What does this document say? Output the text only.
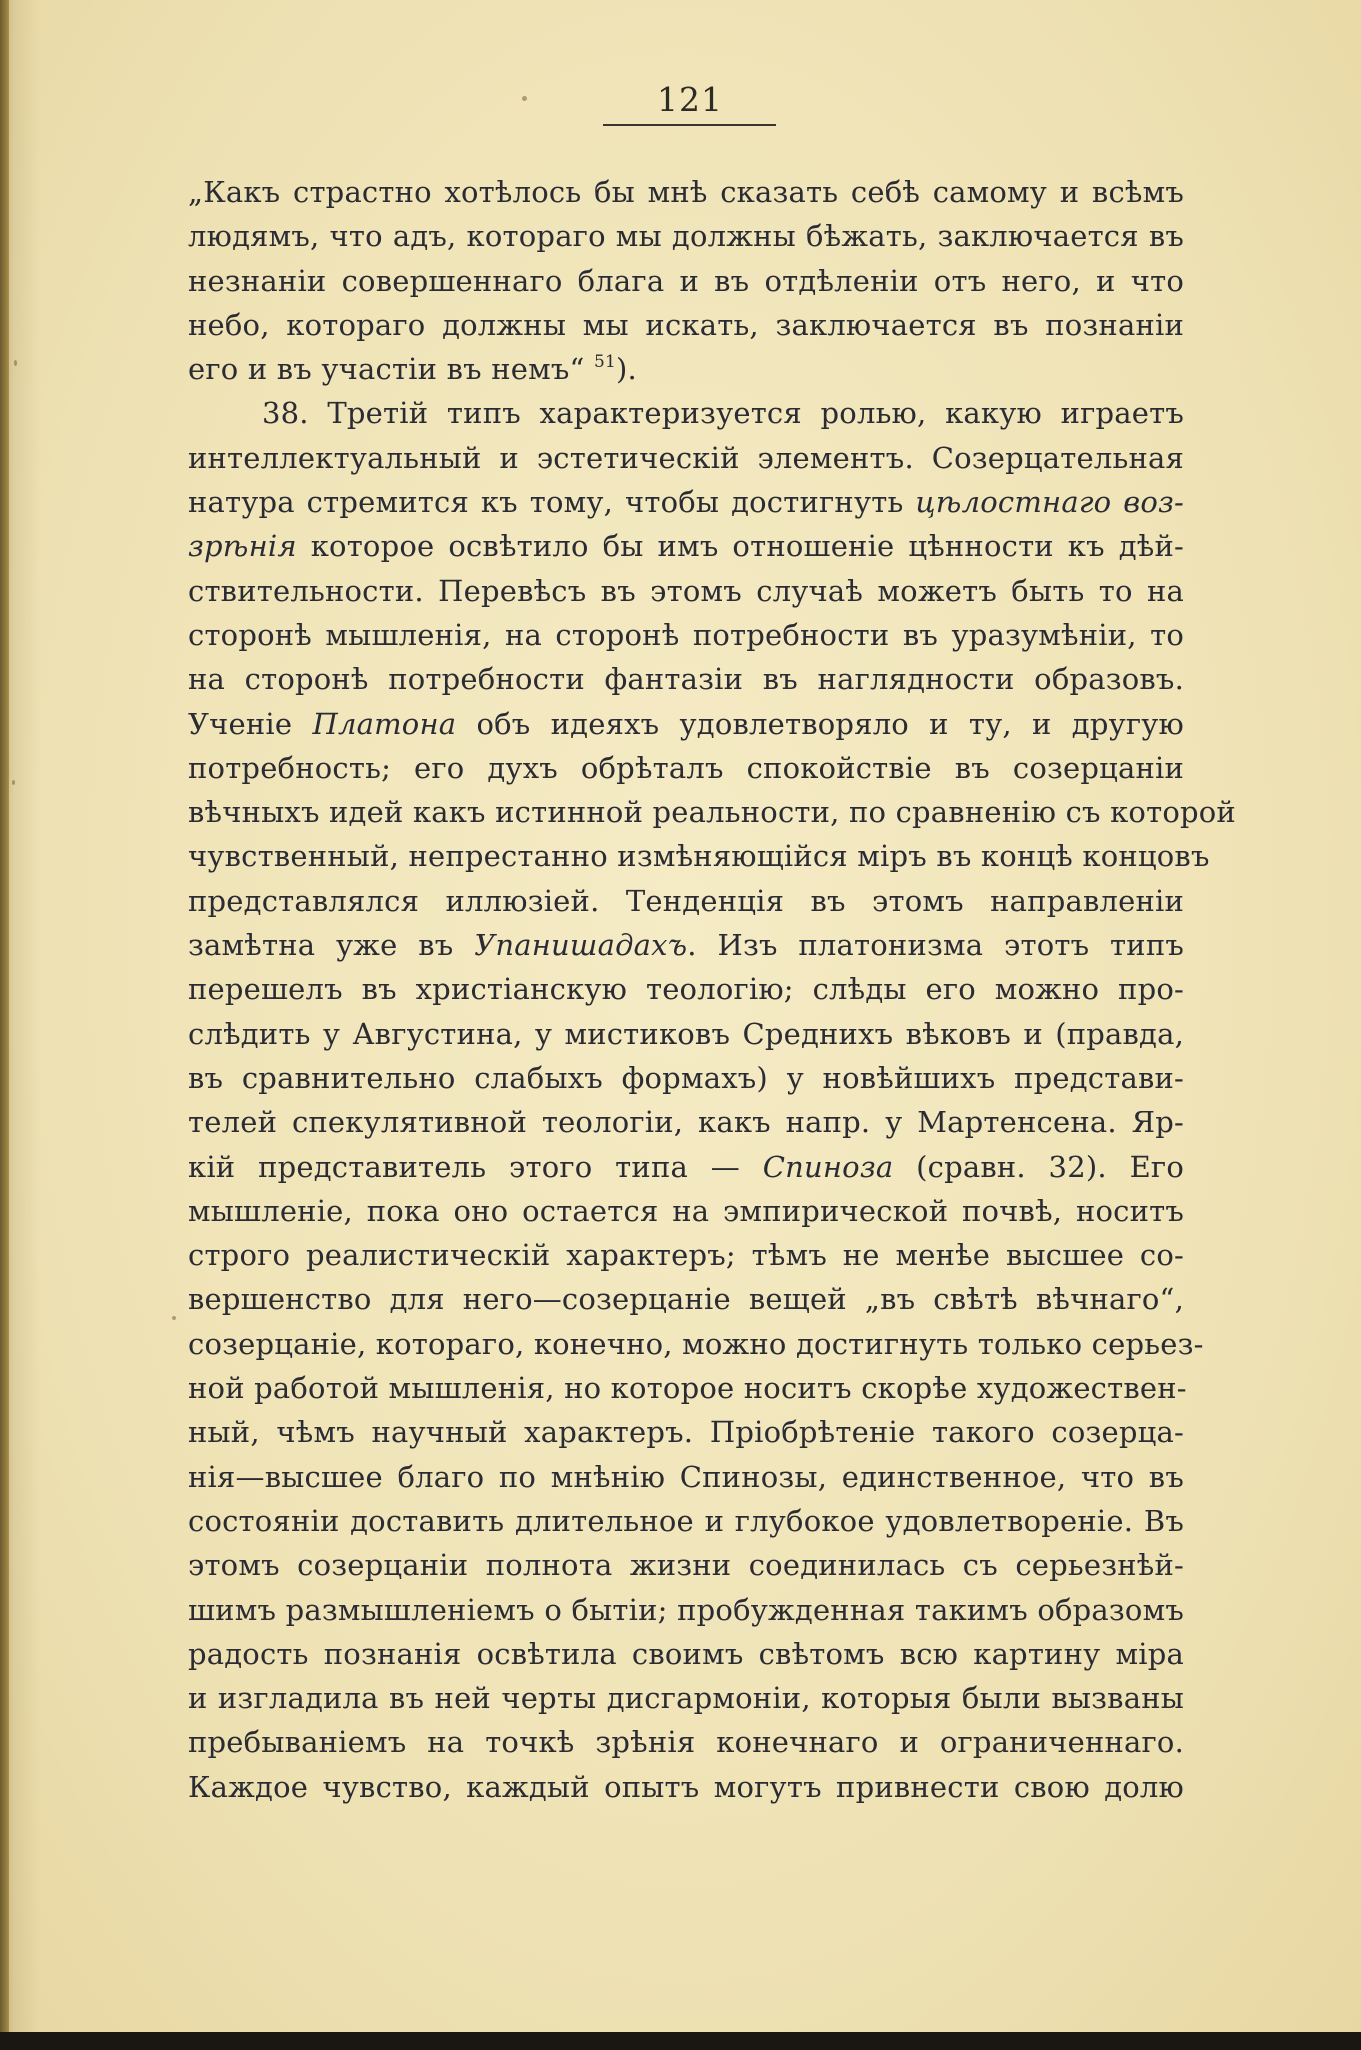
121
„Какъ страстно хотѣлось бы мнѣ сказать себѣ самому и всѣмъ
людямъ, что адъ, котораго мы должны бѣжать, заключается въ
незнанiи совершеннаго блага и въ отдѣленiи отъ него, и что
небо, котораго должны мы искать, заключается въ познанiи
его и въ участiи въ немъ“ $^{51}$).
38. Третiй типъ характеризуется ролью, какую играетъ
интеллектуальный и эстетическiй элементъ. Созерцательная
натура стремится къ тому, чтобы достигнуть цѣлостнаго воз-
зрѣнiя которое освѣтило бы имъ отношенiе цѣнности къ дѣй-
ствительности. Перевѣсъ въ этомъ случаѣ можетъ быть то на
сторонѣ мышленiя, на сторонѣ потребности въ уразумѣнiи, то
на сторонѣ потребности фантазiи въ наглядности образовъ.
Ученiе Платона объ идеяхъ удовлетворяло и ту, и другую
потребность; его духъ обрѣталъ спокойствiе въ созерцанiи
вѣчныхъ идей какъ истинной реальности, по сравненiю съ которой
чувственный, непрестанно измѣняющiйся мiръ въ концѣ концовъ
представлялся иллюзiей. Тенденцiя въ этомъ направленiи
замѣтна уже въ Упанишадахъ. Изъ платонизма этотъ типъ
перешелъ въ христiанскую теологiю; слѣды его можно про-
слѣдить у Августина, у мистиковъ Среднихъ вѣковъ и (правда,
въ сравнительно слабыхъ формахъ) у новѣйшихъ представи-
телей спекулятивной теологiи, какъ напр. у Мартенсена. Яр-
кiй представитель этого типа — Спиноза (сравн. 32). Его
мышленiе, пока оно остается на эмпирической почвѣ, носитъ
строго реалистическiй характеръ; тѣмъ не менѣе высшее со-
вершенство для него—созерцанiе вещей „въ свѣтѣ вѣчнаго“,
созерцанiе, котораго, конечно, можно достигнуть только серьез-
ной работой мышленiя, но которое носитъ скорѣе художествен-
ный, чѣмъ научный характеръ. Прiобрѣтенiе такого созерца-
нiя—высшее благо по мнѣнiю Спинозы, единственное, что въ
состоянiи доставить длительное и глубокое удовлетворенiе. Въ
этомъ созерцанiи полнота жизни соединилась съ серьезнѣй-
шимъ размышленiемъ о бытiи; пробужденная такимъ образомъ
радость познанiя освѣтила своимъ свѣтомъ всю картину мiра
и изгладила въ ней черты дисгармонiи, которыя были вызваны
пребыванiемъ на точкѣ зрѣнiя конечнаго и ограниченнаго.
Каждое чувство, каждый опытъ могутъ привнести свою долю
